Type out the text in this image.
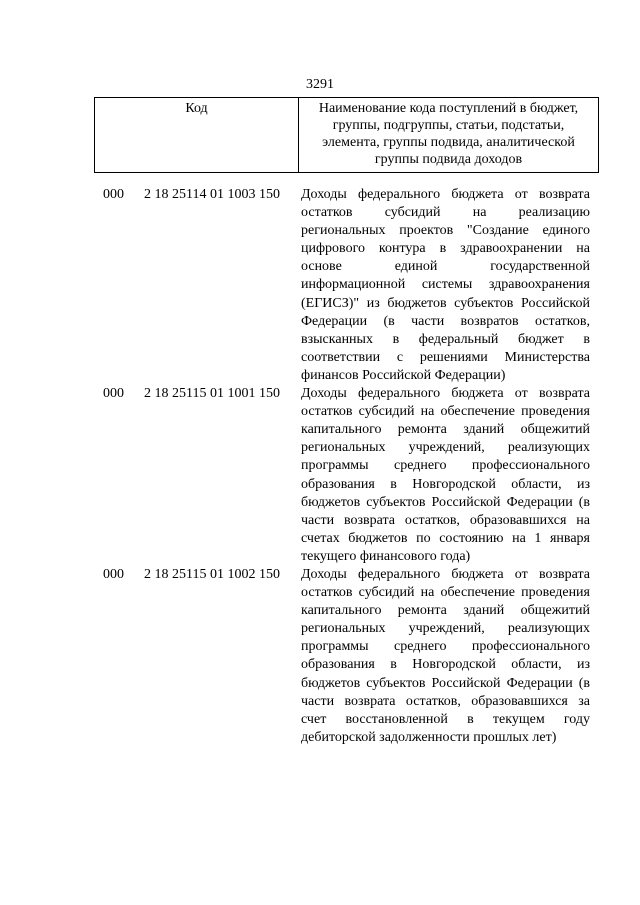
3291
Код	Наименование кода поступлений в бюджет, группы, подгруппы, статьи, подстатьи, элемента, группы подвида, аналитической группы подвида доходов
000 2 18 25114 01 1003 150 Доходы федерального бюджета от возврата остатков субсидий на реализацию региональных проектов "Создание единого цифрового контура в здравоохранении на основе единой государственной информационной системы здравоохранения (ЕГИСЗ)" из бюджетов субъектов Российской Федерации (в части возвратов остатков, взысканных в федеральный бюджет в соответствии с решениями Министерства финансов Российской Федерации)
000 2 18 25115 01 1001 150 Доходы федерального бюджета от возврата остатков субсидий на обеспечение проведения капитального ремонта зданий общежитий региональных учреждений, реализующих программы среднего профессионального образования в Новгородской области, из бюджетов субъектов Российской Федерации (в части возврата остатков, образовавшихся на счетах бюджетов по состоянию на 1 января текущего финансового года)
000 2 18 25115 01 1002 150 Доходы федерального бюджета от возврата остатков субсидий на обеспечение проведения капитального ремонта зданий общежитий региональных учреждений, реализующих программы среднего профессионального образования в Новгородской области, из бюджетов субъектов Российской Федерации (в части возврата остатков, образовавшихся за счет восстановленной в текущем году дебиторской задолженности прошлых лет)
